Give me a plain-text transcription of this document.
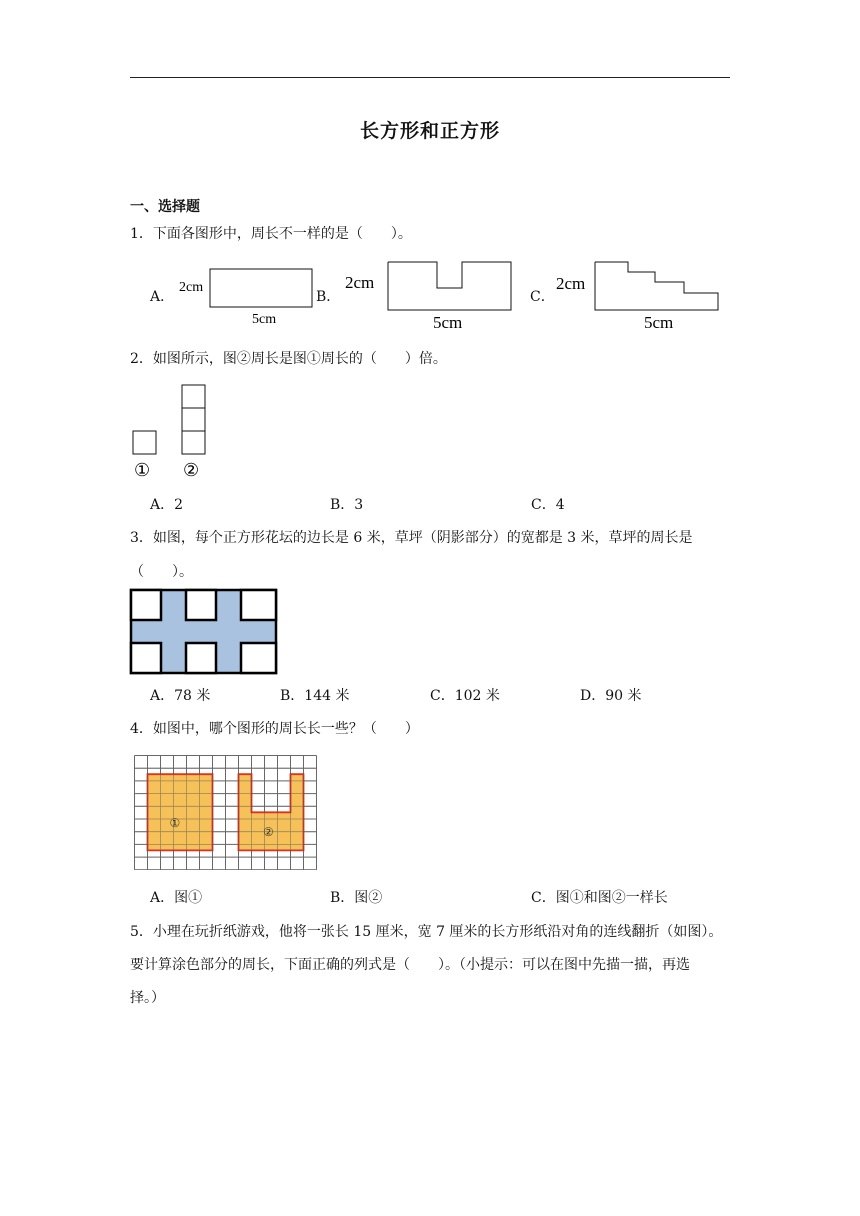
长方形和正方形
一、选择题
1．下面各图形中，周长不一样的是（　　）。
A．
2cm
5cm
B．
2cm
5cm
C．
2cm
5cm
2．如图所示，图②周长是图①周长的（　　）倍。
① ②
A．2	B．3	C．4
3．如图，每个正方形花坛的边长是 6 米，草坪（阴影部分）的宽都是 3 米，草坪的周长是
（　　）。
A．78 米	B．144 米	C．102 米	D．90 米
4．如图中，哪个图形的周长长一些？（　　）
①
②
A．图①	B．图②	C．图①和图②一样长
5．小理在玩折纸游戏，他将一张长 15 厘米，宽 7 厘米的长方形纸沿对角的连线翻折（如图）。
要计算涂色部分的周长，下面正确的列式是（　　）。（小提示：可以在图中先描一描，再选
择。）
